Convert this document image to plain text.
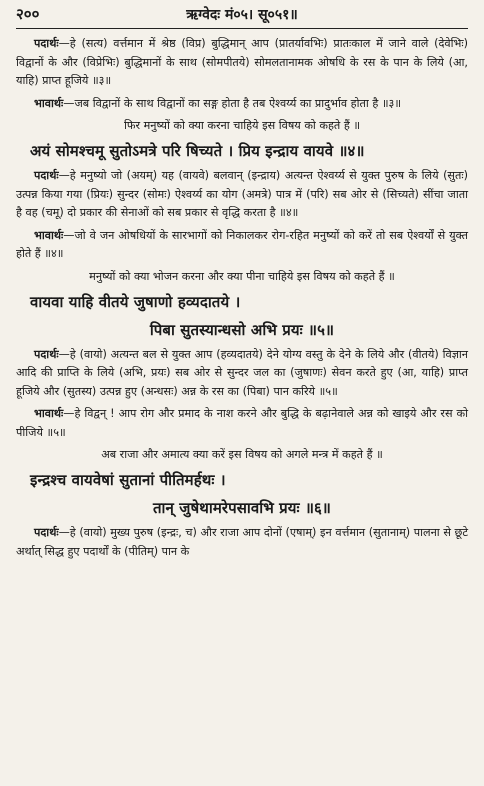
२००	ऋग्वेदः मं०५। सू०५१॥

पदार्थः—हे (सत्य) वर्त्तमान में श्रेष्ठ (विप्र) बुद्धिमान् आप (प्रातर्यावभिः) प्रातःकाल में जाने वाले (देवेभिः) विद्वानों के और (विप्रेभिः) बुद्धिमानों के साथ (सोमपीतये) सोमलतानामक ओषधि के रस के पान के लिये (आ, याहि) प्राप्त हूजिये ॥३॥

भावार्थः—जब विद्वानों के साथ विद्वानों का सङ्ग होता है तब ऐश्वर्य्य का प्रादुर्भाव होता है ॥३॥

फिर मनुष्यों को क्या करना चाहिये इस विषय को कहते हैं ॥
अयं सोमश्चमू सुतोऽमत्रे परि षिच्यते । प्रिय इन्द्राय वायवे ॥४॥

पदार्थः—हे मनुष्यो जो (अयम्) यह (वायवे) बलवान् (इन्द्राय) अत्यन्त ऐश्वर्य्य से युक्त पुरुष के लिये (सुतः) उत्पन्न किया गया (प्रियः) सुन्दर (सोमः) ऐश्वर्य्य का योग (अमत्रे) पात्र में (परि) सब ओर से (सिच्यते) सींचा जाता है वह (चमू) दो प्रकार की सेनाओं को सब प्रकार से वृद्धि करता है ॥४॥

भावार्थः—जो वे जन ओषधियों के सारभागों को निकालकर रोग-रहित मनुष्यों को करें तो सब ऐश्वर्यों से युक्त होते हैं ॥४॥

मनुष्यों को क्या भोजन करना और क्या पीना चाहिये इस विषय को कहते हैं ॥
वायवा याहि वीतये जुषाणो हव्यदातये ।
पिबा सुतस्यान्धसो अभि प्रयः ॥५॥

पदार्थः—हे (वायो) अत्यन्त बल से युक्त आप (हव्यदातये) देने योग्य वस्तु के देने के लिये और (वीतये) विज्ञान आदि की प्राप्ति के लिये (अभि, प्रयः) सब ओर से सुन्दर जल का (जुषाणः) सेवन करते हुए (आ, याहि) प्राप्त हूजिये और (सुतस्य) उत्पन्न हुए (अन्धसः) अन्न के रस का (पिबा) पान करिये ॥५॥

भावार्थः—हे विद्वन् ! आप रोग और प्रमाद के नाश करने और बुद्धि के बढ़ानेवाले अन्न को खाइये और रस को पीजिये ॥५॥

अब राजा और अमात्य क्या करें इस विषय को अगले मन्त्र में कहते हैं ॥
इन्द्रश्च वायवेषां सुतानां पीतिमर्हथः ।
तान् जुषेथामरेपसावभि प्रयः ॥६॥

पदार्थः—हे (वायो) मुख्य पुरुष (इन्द्रः, च) और राजा आप दोनों (एषाम्) इन वर्त्तमान (सुतानाम्) पालना से छूटे अर्थात् सिद्ध हुए पदार्थों के (पीतिम्) पान के
